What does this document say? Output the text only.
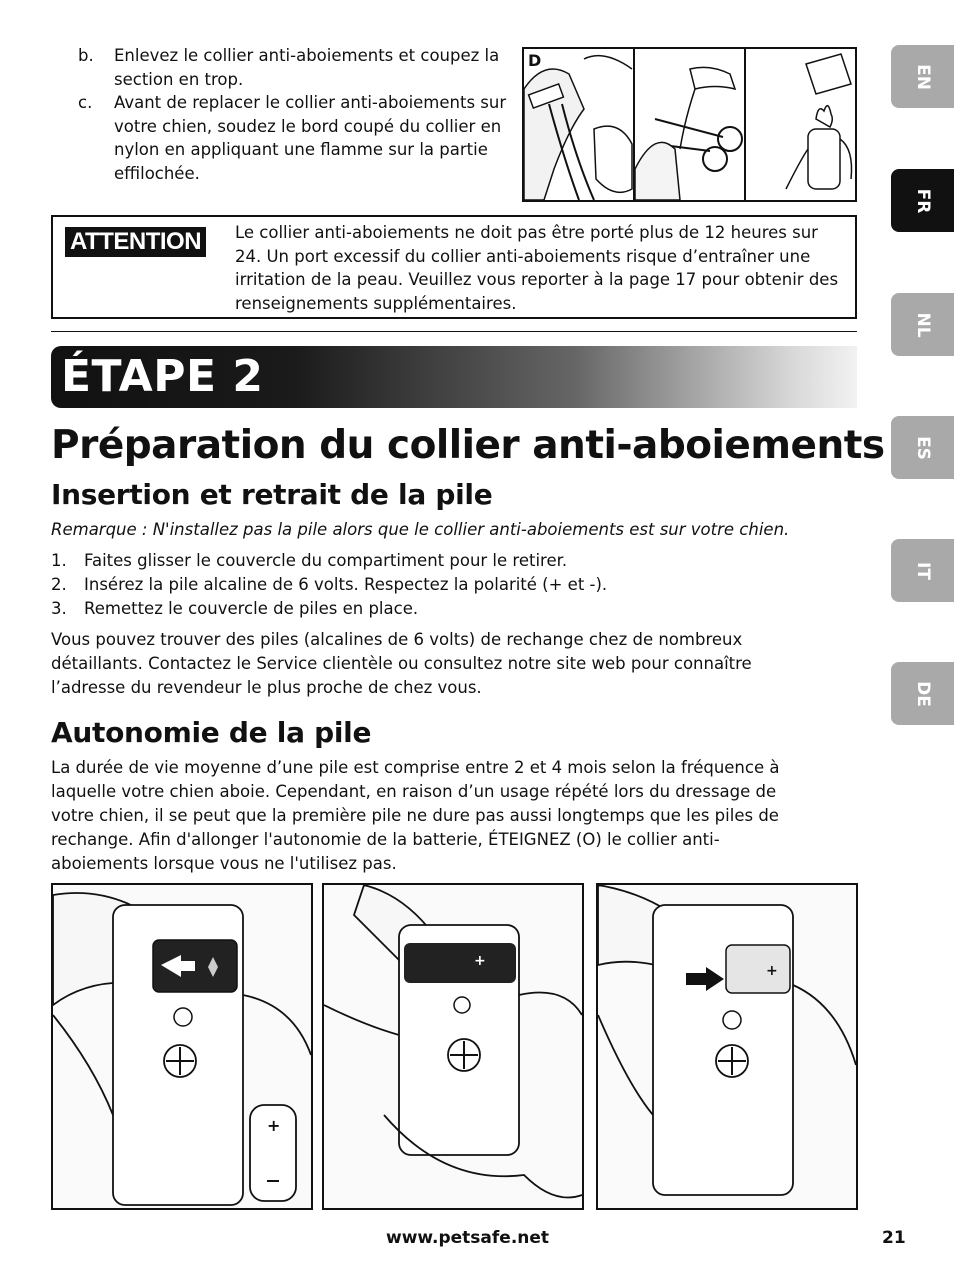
b.	Enlevez le collier anti-aboiements et coupez la section en trop.
c.	Avant de replacer le collier anti-aboiements sur votre chien, soudez le bord coupé du collier en nylon en appliquant une flamme sur la partie effilochée.
D
ATTENTION	Le collier anti-aboiements ne doit pas être porté plus de 12 heures sur 24. Un port excessif du collier anti-aboiements risque d’entraîner une irritation de la peau. Veuillez vous reporter à la page 17 pour obtenir des renseignements supplémentaires.
ÉTAPE 2
Préparation du collier anti-aboiements
Insertion et retrait de la pile
Remarque : N'installez pas la pile alors que le collier anti-aboiements est sur votre chien.
1.	Faites glisser le couvercle du compartiment pour le retirer.
2.	Insérez la pile alcaline de 6 volts. Respectez la polarité (+ et -).
3.	Remettez le couvercle de piles en place.
Vous pouvez trouver des piles (alcalines de 6 volts) de rechange chez de nombreux détaillants. Contactez le Service clientèle ou consultez notre site web pour connaître l’adresse du revendeur le plus proche de chez vous.
Autonomie de la pile
La durée de vie moyenne d’une pile est comprise entre 2 et 4 mois selon la fréquence à laquelle votre chien aboie. Cependant, en raison d’un usage répété lors du dressage de votre chien, il se peut que la première pile ne dure pas aussi longtemps que les piles de rechange. Afin d'allonger l'autonomie de la batterie, ÉTEIGNEZ (O) le collier anti-aboiements lorsque vous ne l'utilisez pas.
+
+
+
EN
FR
NL
ES
IT
DE
www.petsafe.net	21
